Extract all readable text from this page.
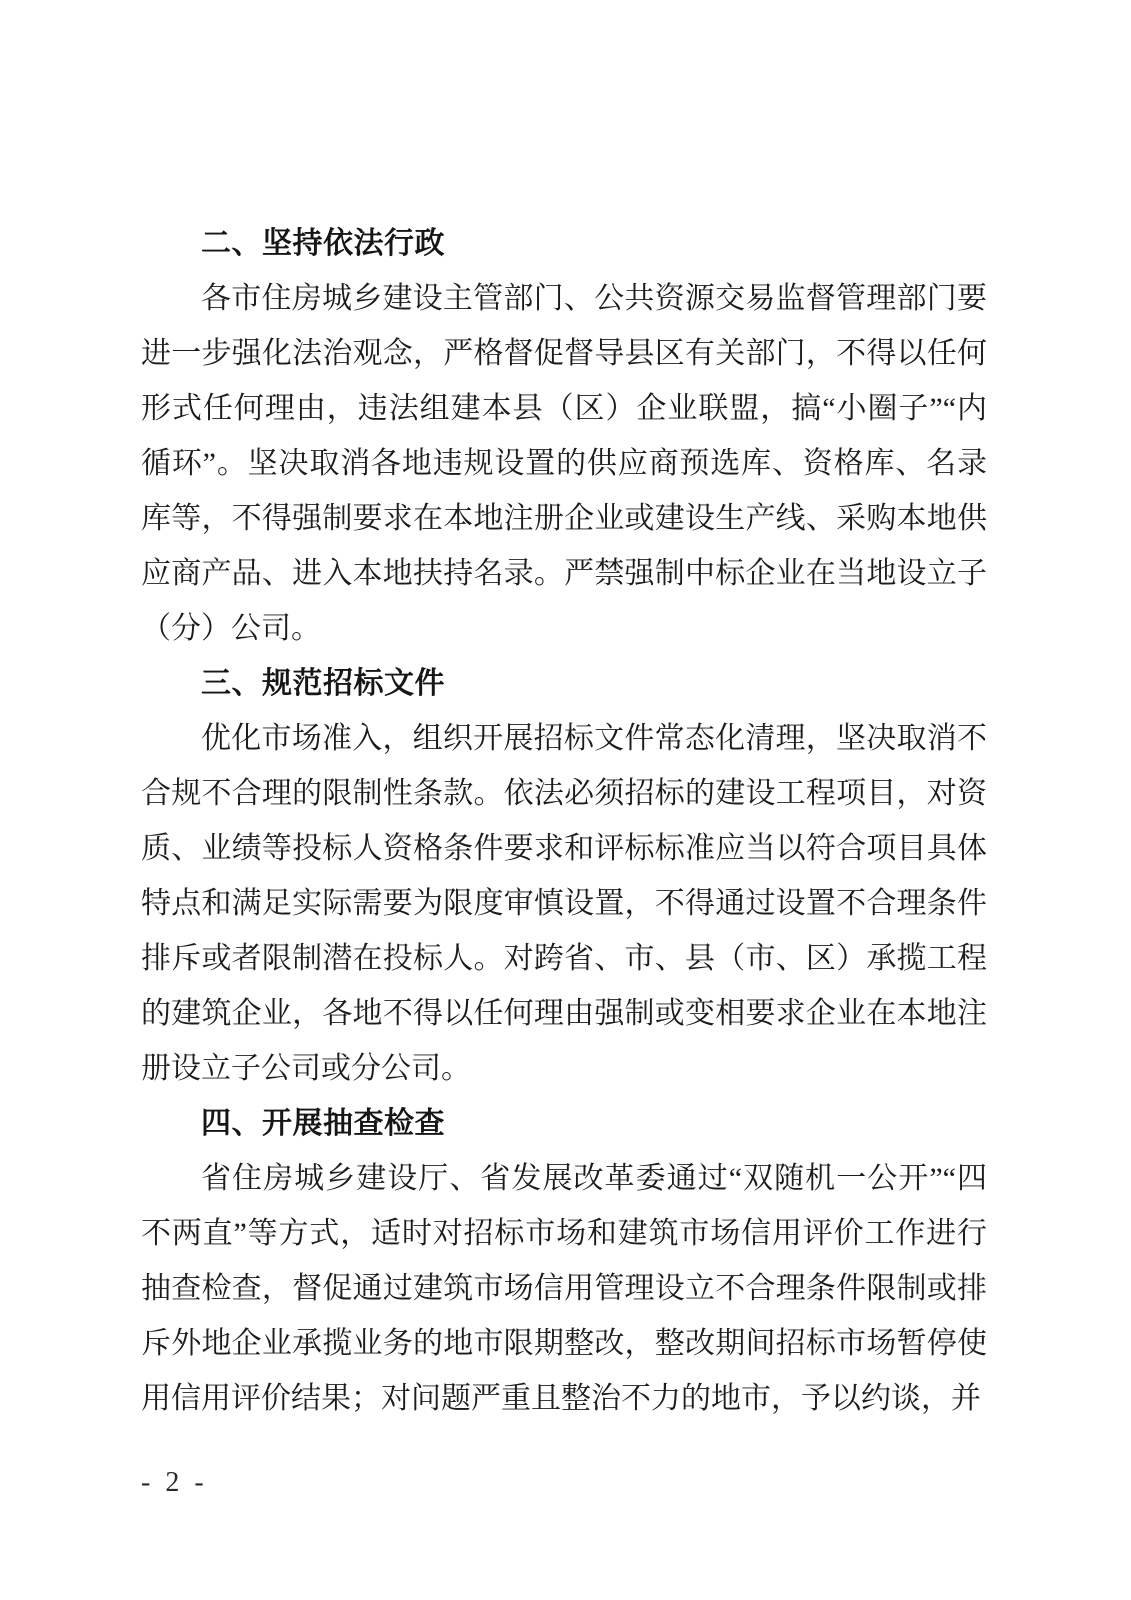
二、坚持依法行政

各市住房城乡建设主管部门、公共资源交易监督管理部门要进一步强化法治观念，严格督促督导县区有关部门，不得以任何形式任何理由，违法组建本县（区）企业联盟，搞“小圈子”“内循环”。坚决取消各地违规设置的供应商预选库、资格库、名录库等，不得强制要求在本地注册企业或建设生产线、采购本地供应商产品、进入本地扶持名录。严禁强制中标企业在当地设立子（分）公司。

三、规范招标文件

优化市场准入，组织开展招标文件常态化清理，坚决取消不合规不合理的限制性条款。依法必须招标的建设工程项目，对资质、业绩等投标人资格条件要求和评标标准应当以符合项目具体特点和满足实际需要为限度审慎设置，不得通过设置不合理条件排斥或者限制潜在投标人。对跨省、市、县（市、区）承揽工程的建筑企业，各地不得以任何理由强制或变相要求企业在本地注册设立子公司或分公司。

四、开展抽查检查

省住房城乡建设厅、省发展改革委通过“双随机一公开”“四不两直”等方式，适时对招标市场和建筑市场信用评价工作进行抽查检查，督促通过建筑市场信用管理设立不合理条件限制或排斥外地企业承揽业务的地市限期整改，整改期间招标市场暂停使用信用评价结果；对问题严重且整治不力的地市，予以约谈，并

- 2 -
